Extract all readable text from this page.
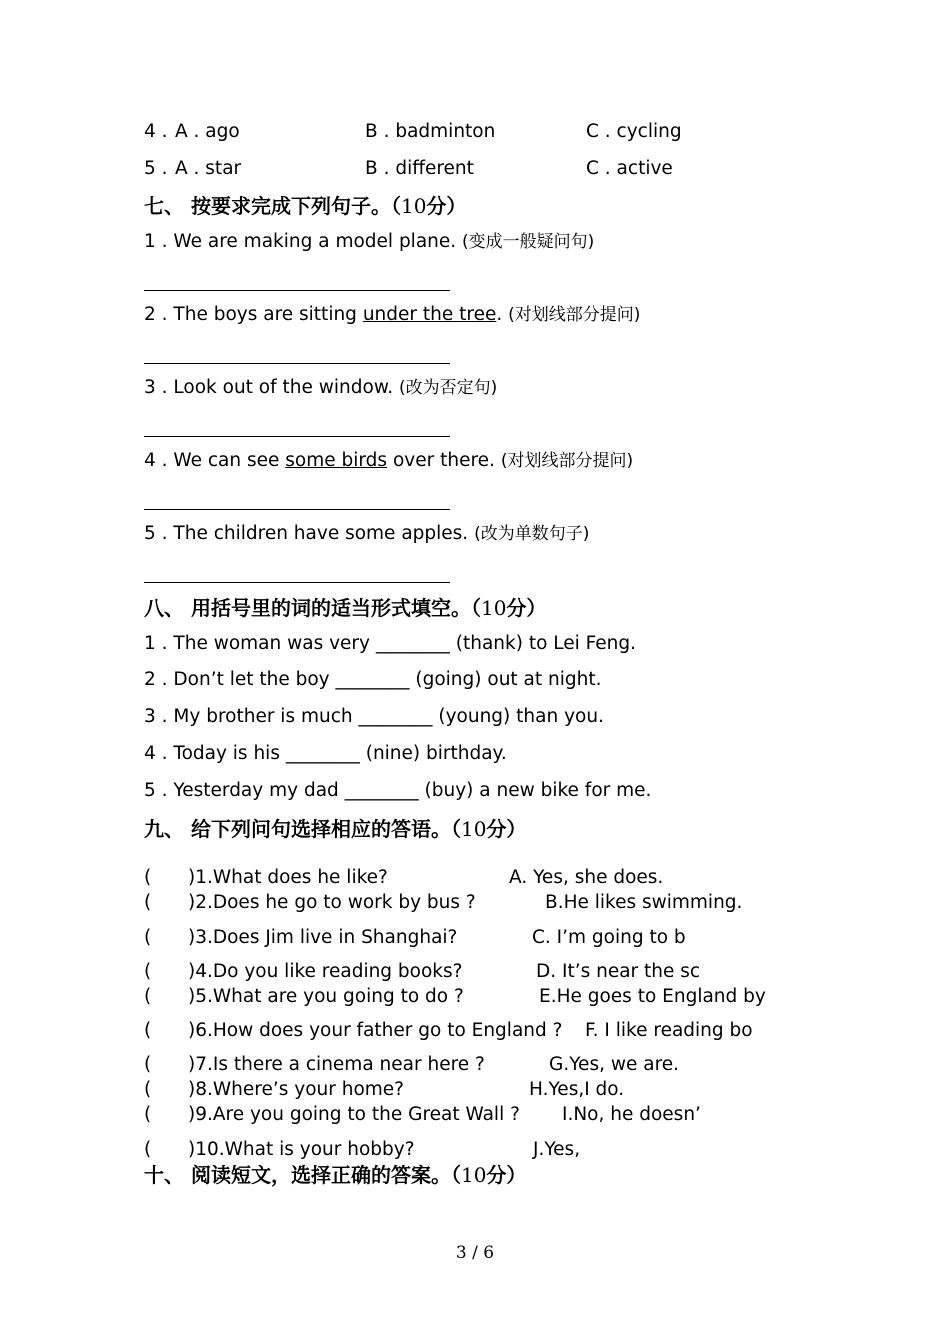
4 . A . ago	B . badminton	C . cycling
5 . A . star	B . different	C . active
七、 按要求完成下列句子。（10分）
1 . We are making a model plane. (变成一般疑问句)
2 . The boys are sitting under the tree. (对划线部分提问)
3 . Look out of the window. (改为否定句)
4 . We can see some birds over there. (对划线部分提问)
5 . The children have some apples. (改为单数句子)
八、 用括号里的词的适当形式填空。（10分）
1 . The woman was very ________ (thank) to Lei Feng.
2 . Don’t let the boy ________ (going) out at night.
3 . My brother is much ________ (young) than you.
4 . Today is his ________ (nine) birthday.
5 . Yesterday my dad ________ (buy) a new bike for me.
九、 给下列问句选择相应的答语。（10分）
( )1.What does he like?	A. Yes, she does.
( )2.Does he go to work by bus ?	B.He likes swimming.
( )3.Does Jim live in Shanghai?	C. I’m going to b
( )4.Do you like reading books?	D. It’s near the sc
( )5.What are you going to do ?	E.He goes to England by
( )6.How does your father go to England ? F. I like reading bo
( )7.Is there a cinema near here ?	G.Yes, we are.
( )8.Where’s your home?	H.Yes,I do.
( )9.Are you going to the Great Wall ? I.No, he doesn’
( )10.What is your hobby?	J.Yes,
十、 阅读短文，选择正确的答案。（10分）
3 / 6
